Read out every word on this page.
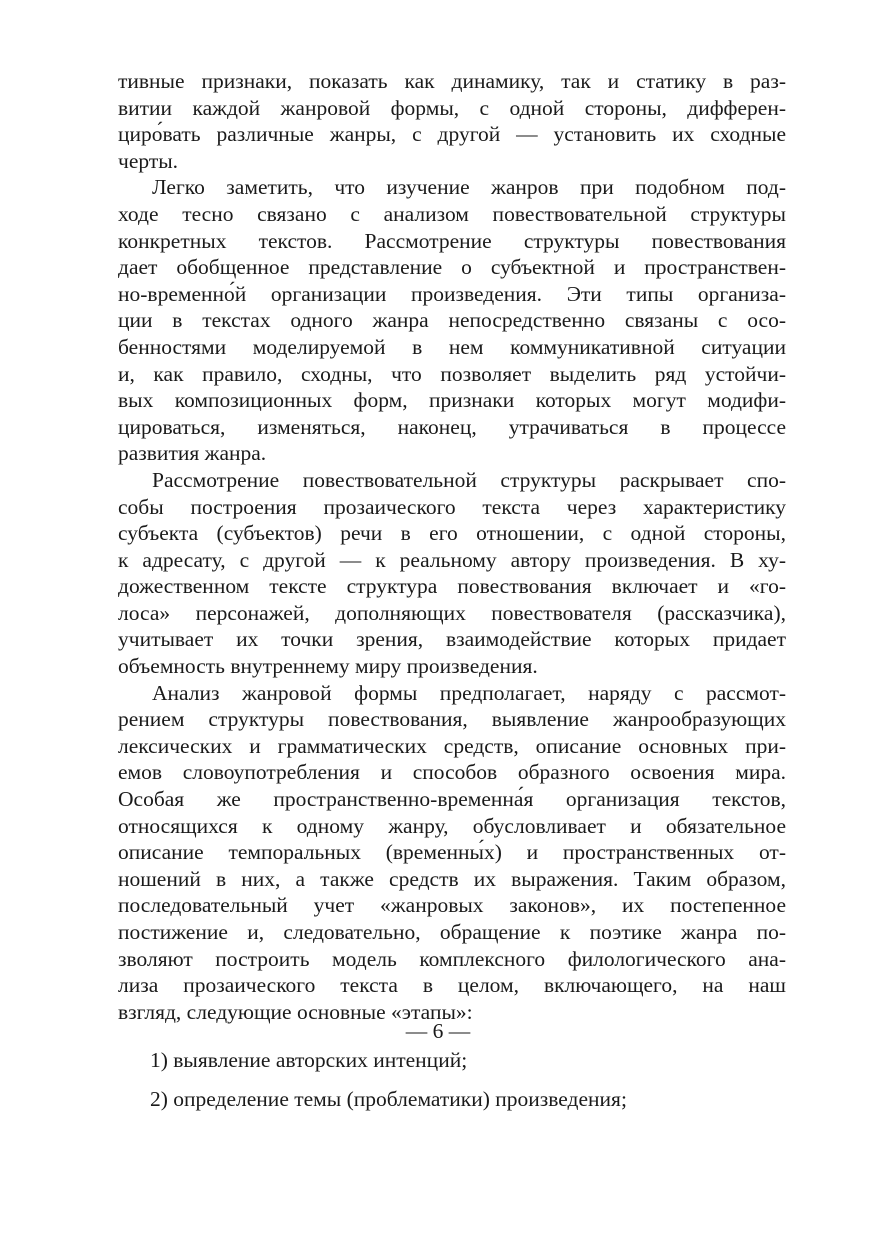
тивные признаки, показать как динамику, так и статику в раз-
витии каждой жанровой формы, с одной стороны, дифферен-
циро́вать различные жанры, с другой — установить их сходные
черты.
Легко заметить, что изучение жанров при подобном под-
ходе тесно связано с анализом повествовательной структуры
конкретных текстов. Рассмотрение структуры повествования
дает обобщенное представление о субъектной и пространствен-
но-временно́й организации произведения. Эти типы организа-
ции в текстах одного жанра непосредственно связаны с осо-
бенностями моделируемой в нем коммуникативной ситуации
и, как правило, сходны, что позволяет выделить ряд устойчи-
вых композиционных форм, признаки которых могут модифи-
цироваться, изменяться, наконец, утрачиваться в процессе
развития жанра.
Рассмотрение повествовательной структуры раскрывает спо-
собы построения прозаического текста через характеристику
субъекта (субъектов) речи в его отношении, с одной стороны,
к адресату, с другой — к реальному автору произведения. В ху-
дожественном тексте структура повествования включает и «го-
лоса» персонажей, дополняющих повествователя (рассказчика),
учитывает их точки зрения, взаимодействие которых придает
объемность внутреннему миру произведения.
Анализ жанровой формы предполагает, наряду с рассмот-
рением структуры повествования, выявление жанрообразующих
лексических и грамматических средств, описание основных при-
емов словоупотребления и способов образного освоения мира.
Особая же пространственно-временна́я организация текстов,
относящихся к одному жанру, обусловливает и обязательное
описание темпоральных (временны́х) и пространственных от-
ношений в них, а также средств их выражения. Таким образом,
последовательный учет «жанровых законов», их постепенное
постижение и, следовательно, обращение к поэтике жанра по-
зволяют построить модель комплексного филологического ана-
лиза прозаического текста в целом, включающего, на наш
взгляд, следующие основные «этапы»:
1) выявление авторских интенций;
2) определение темы (проблематики) произведения;
— 6 —
